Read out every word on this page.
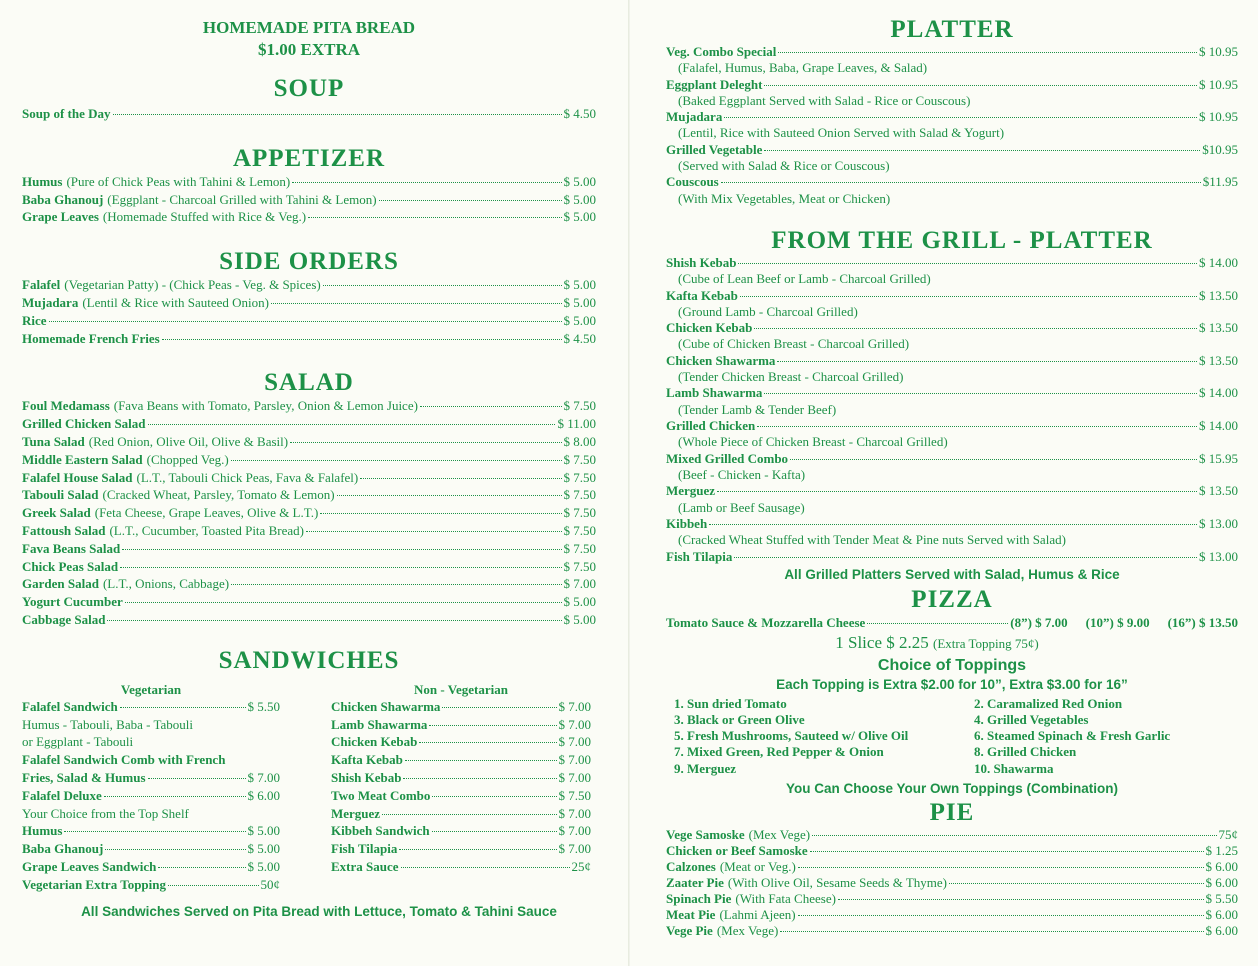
HOMEMADE PITA BREAD
$1.00 EXTRA
SOUP
Soup of the Day	$ 4.50
APPETIZER
Humus (Pure of Chick Peas with Tahini & Lemon)	$ 5.00
Baba Ghanouj (Eggplant - Charcoal Grilled with Tahini & Lemon)	$ 5.00
Grape Leaves (Homemade Stuffed with Rice & Veg.)	$ 5.00
SIDE ORDERS
Falafel (Vegetarian Patty) - (Chick Peas - Veg. & Spices)	$ 5.00
Mujadara (Lentil & Rice with Sauteed Onion)	$ 5.00
Rice	$ 5.00
Homemade French Fries	$ 4.50
SALAD
Foul Medamass (Fava Beans with Tomato, Parsley, Onion & Lemon Juice)	$ 7.50
Grilled Chicken Salad	$ 11.00
Tuna Salad (Red Onion, Olive Oil, Olive & Basil)	$ 8.00
Middle Eastern Salad (Chopped Veg.)	$ 7.50
Falafel House Salad (L.T., Tabouli Chick Peas, Fava & Falafel)	$ 7.50
Tabouli Salad (Cracked Wheat, Parsley, Tomato & Lemon)	$ 7.50
Greek Salad (Feta Cheese, Grape Leaves, Olive & L.T.)	$ 7.50
Fattoush Salad (L.T., Cucumber, Toasted Pita Bread)	$ 7.50
Fava Beans Salad	$ 7.50
Chick Peas Salad	$ 7.50
Garden Salad (L.T., Onions, Cabbage)	$ 7.00
Yogurt Cucumber	$ 5.00
Cabbage Salad	$ 5.00
SANDWICHES
Vegetarian
Falafel Sandwich	$ 5.50
Humus - Tabouli, Baba - Tabouli
or Eggplant - Tabouli
Falafel Sandwich Comb with French
Fries, Salad & Humus	$ 7.00
Falafel Deluxe	$ 6.00
Your Choice from the Top Shelf
Humus	$ 5.00
Baba Ghanouj	$ 5.00
Grape Leaves Sandwich	$ 5.00
Vegetarian Extra Topping	50¢
Non - Vegetarian
Chicken Shawarma	$ 7.00
Lamb Shawarma	$ 7.00
Chicken Kebab	$ 7.00
Kafta Kebab	$ 7.00
Shish Kebab	$ 7.00
Two Meat Combo	$ 7.50
Merguez	$ 7.00
Kibbeh Sandwich	$ 7.00
Fish Tilapia	$ 7.00
Extra Sauce	25¢
All Sandwiches Served on Pita Bread with Lettuce, Tomato & Tahini Sauce
PLATTER
Veg. Combo Special	$ 10.95
(Falafel, Humus, Baba, Grape Leaves, & Salad)
Eggplant Deleght	$ 10.95
(Baked Eggplant Served with Salad - Rice or Couscous)
Mujadara	$ 10.95
(Lentil, Rice with Sauteed Onion Served with Salad & Yogurt)
Grilled Vegetable	$10.95
(Served with Salad & Rice or Couscous)
Couscous	$11.95
(With Mix Vegetables, Meat or Chicken)
FROM THE GRILL - PLATTER
Shish Kebab	$ 14.00
(Cube of Lean Beef or Lamb - Charcoal Grilled)
Kafta Kebab	$ 13.50
(Ground Lamb - Charcoal Grilled)
Chicken Kebab	$ 13.50
(Cube of Chicken Breast - Charcoal Grilled)
Chicken Shawarma	$ 13.50
(Tender Chicken Breast - Charcoal Grilled)
Lamb Shawarma	$ 14.00
(Tender Lamb & Tender Beef)
Grilled Chicken	$ 14.00
(Whole Piece of Chicken Breast - Charcoal Grilled)
Mixed Grilled Combo	$ 15.95
(Beef - Chicken - Kafta)
Merguez	$ 13.50
(Lamb or Beef Sausage)
Kibbeh	$ 13.00
(Cracked Wheat Stuffed with Tender Meat & Pine nuts Served with Salad)
Fish Tilapia	$ 13.00
All Grilled Platters Served with Salad, Humus & Rice
PIZZA
Tomato Sauce & Mozzarella Cheese	(8”) $ 7.00 (10”) $ 9.00 (16”) $ 13.50
1 Slice $ 2.25 (Extra Topping 75¢)
Choice of Toppings
Each Topping is Extra $2.00 for 10”, Extra $3.00 for 16”
1. Sun dried Tomato	2. Caramalized Red Onion
3. Black or Green Olive	4. Grilled Vegetables
5. Fresh Mushrooms, Sauteed w/ Olive Oil	6. Steamed Spinach & Fresh Garlic
7. Mixed Green, Red Pepper & Onion	8. Grilled Chicken
9. Merguez	10. Shawarma
You Can Choose Your Own Toppings (Combination)
PIE
Vege Samoske (Mex Vege)	75¢
Chicken or Beef Samoske	$ 1.25
Calzones (Meat or Veg.)	$ 6.00
Zaater Pie (With Olive Oil, Sesame Seeds & Thyme)	$ 6.00
Spinach Pie (With Fata Cheese)	$ 5.50
Meat Pie (Lahmi Ajeen)	$ 6.00
Vege Pie (Mex Vege)	$ 6.00
